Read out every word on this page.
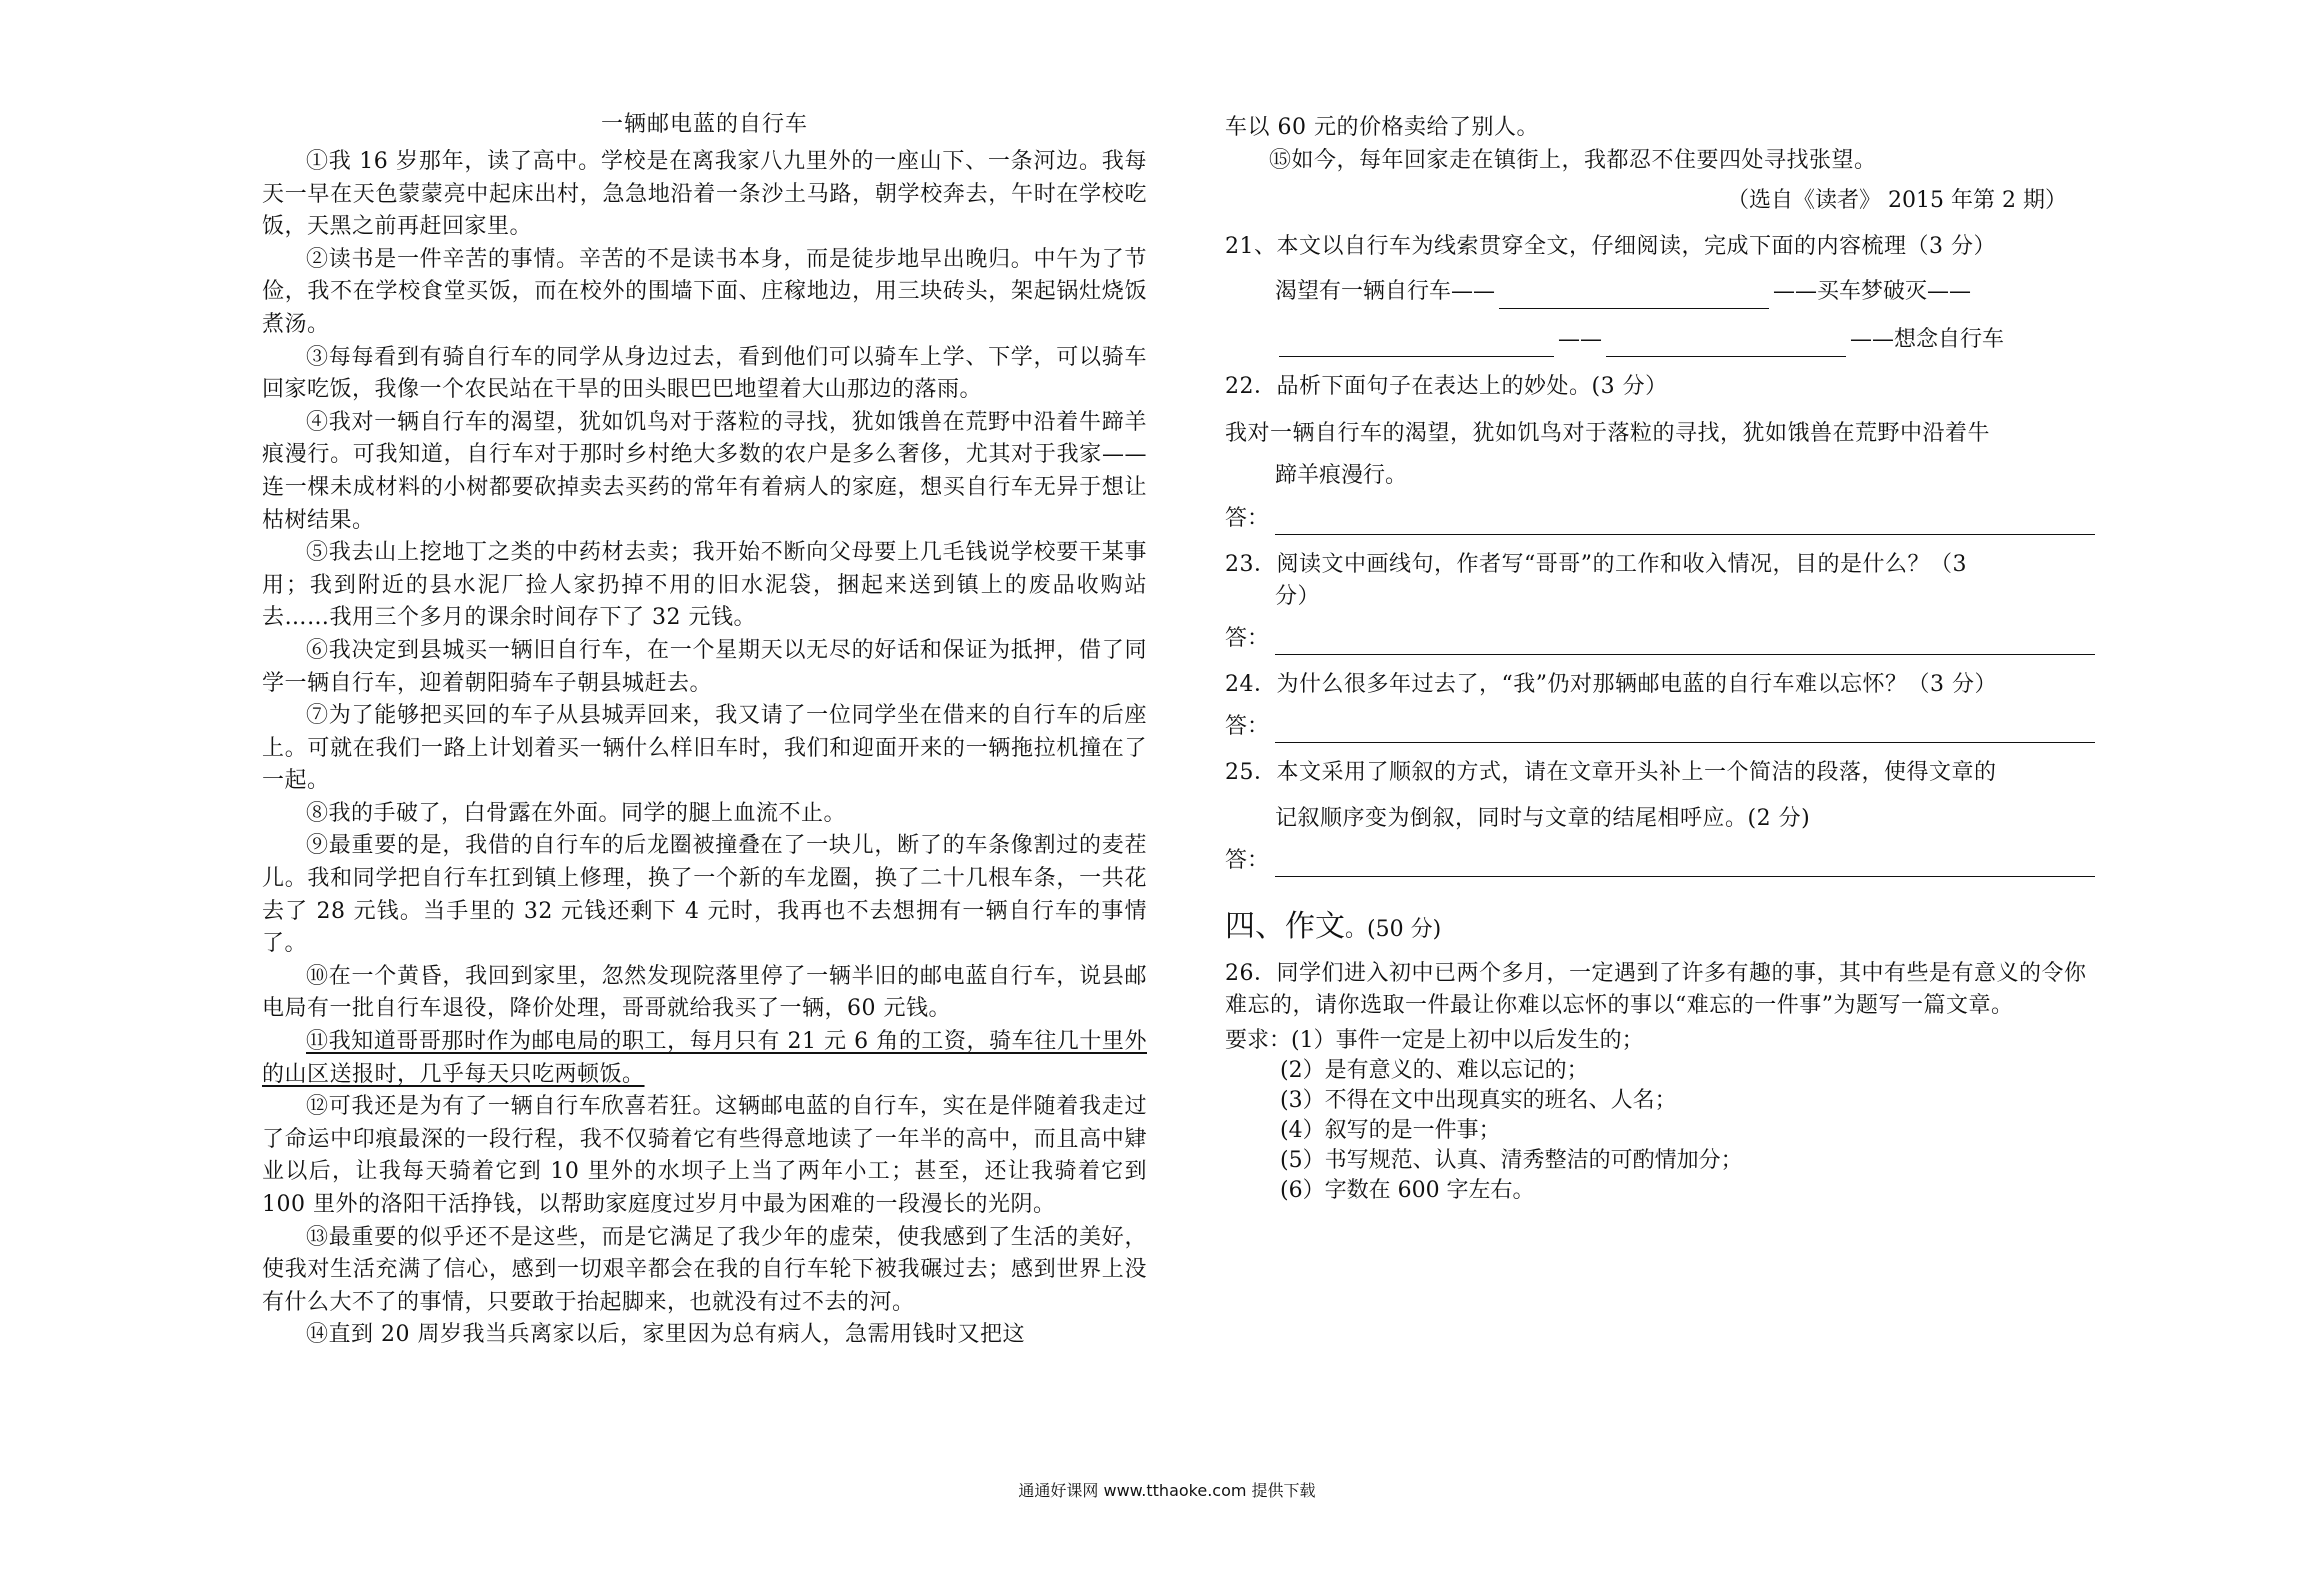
一辆邮电蓝的自行车

①我 16 岁那年，读了高中。学校是在离我家八九里外的一座山下、一条河边。我每天一早在天色蒙蒙亮中起床出村，急急地沿着一条沙土马路，朝学校奔去，午时在学校吃饭，天黑之前再赶回家里。

②读书是一件辛苦的事情。辛苦的不是读书本身，而是徒步地早出晚归。中午为了节俭，我不在学校食堂买饭，而在校外的围墙下面、庄稼地边，用三块砖头，架起锅灶烧饭煮汤。

③每每看到有骑自行车的同学从身边过去，看到他们可以骑车上学、下学，可以骑车回家吃饭，我像一个农民站在干旱的田头眼巴巴地望着大山那边的落雨。

④我对一辆自行车的渴望，犹如饥鸟对于落粒的寻找，犹如饿兽在荒野中沿着牛蹄羊痕漫行。可我知道，自行车对于那时乡村绝大多数的农户是多么奢侈，尤其对于我家——连一棵未成材料的小树都要砍掉卖去买药的常年有着病人的家庭，想买自行车无异于想让枯树结果。

⑤我去山上挖地丁之类的中药材去卖；我开始不断向父母要上几毛钱说学校要干某事用；我到附近的县水泥厂捡人家扔掉不用的旧水泥袋，捆起来送到镇上的废品收购站去……我用三个多月的课余时间存下了 32 元钱。

⑥我决定到县城买一辆旧自行车，在一个星期天以无尽的好话和保证为抵押，借了同学一辆自行车，迎着朝阳骑车子朝县城赶去。

⑦为了能够把买回的车子从县城弄回来，我又请了一位同学坐在借来的自行车的后座上。可就在我们一路上计划着买一辆什么样旧车时，我们和迎面开来的一辆拖拉机撞在了一起。

⑧我的手破了，白骨露在外面。同学的腿上血流不止。

⑨最重要的是，我借的自行车的后龙圈被撞叠在了一块儿，断了的车条像割过的麦茬儿。我和同学把自行车扛到镇上修理，换了一个新的车龙圈，换了二十几根车条，一共花去了 28 元钱。当手里的 32 元钱还剩下 4 元时，我再也不去想拥有一辆自行车的事情了。

⑩在一个黄昏，我回到家里，忽然发现院落里停了一辆半旧的邮电蓝自行车，说县邮电局有一批自行车退役，降价处理，哥哥就给我买了一辆，60 元钱。

⑪我知道哥哥那时作为邮电局的职工，每月只有 21 元 6 角的工资，骑车往几十里外的山区送报时，几乎每天只吃两顿饭。

⑫可我还是为有了一辆自行车欣喜若狂。这辆邮电蓝的自行车，实在是伴随着我走过了命运中印痕最深的一段行程，我不仅骑着它有些得意地读了一年半的高中，而且高中肄业以后，让我每天骑着它到 10 里外的水坝子上当了两年小工；甚至，还让我骑着它到 100 里外的洛阳干活挣钱，以帮助家庭度过岁月中最为困难的一段漫长的光阴。

⑬最重要的似乎还不是这些，而是它满足了我少年的虚荣，使我感到了生活的美好，使我对生活充满了信心，感到一切艰辛都会在我的自行车轮下被我碾过去；感到世界上没有什么大不了的事情，只要敢于抬起脚来，也就没有过不去的河。

⑭直到 20 周岁我当兵离家以后，家里因为总有病人，急需用钱时又把这

车以 60 元的价格卖给了别人。

⑮如今，每年回家走在镇街上，我都忍不住要四处寻找张望。

（选自《读者》 2015 年第 2 期）

21、本文以自行车为线索贯穿全文，仔细阅读，完成下面的内容梳理（3 分）

渴望有一辆自行车——	——买车梦破灭——
——	——想念自行车

22．品析下面句子在表达上的妙处。(3 分）

我对一辆自行车的渴望，犹如饥鸟对于落粒的寻找，犹如饿兽在荒野中沿着牛

蹄羊痕漫行。

答：

23．阅读文中画线句，作者写“哥哥”的工作和收入情况，目的是什么？（3

分）

答：

24．为什么很多年过去了，“我”仍对那辆邮电蓝的自行车难以忘怀？（3 分）

答：

25．本文采用了顺叙的方式，请在文章开头补上一个简洁的段落，使得文章的

记叙顺序变为倒叙，同时与文章的结尾相呼应。(2 分)

答：
四、作文。(50 分)

26．同学们进入初中已两个多月，一定遇到了许多有趣的事，其中有些是有意义的令你难忘的，请你选取一件最让你难以忘怀的事以“难忘的一件事”为题写一篇文章。

要求：(1）事件一定是上初中以后发生的；

(2）是有意义的、难以忘记的；

(3）不得在文中出现真实的班名、人名；

(4）叙写的是一件事；

(5）书写规范、认真、清秀整洁的可酌情加分；

(6）字数在 600 字左右。

通通好课网 www.tthaoke.com 提供下载
